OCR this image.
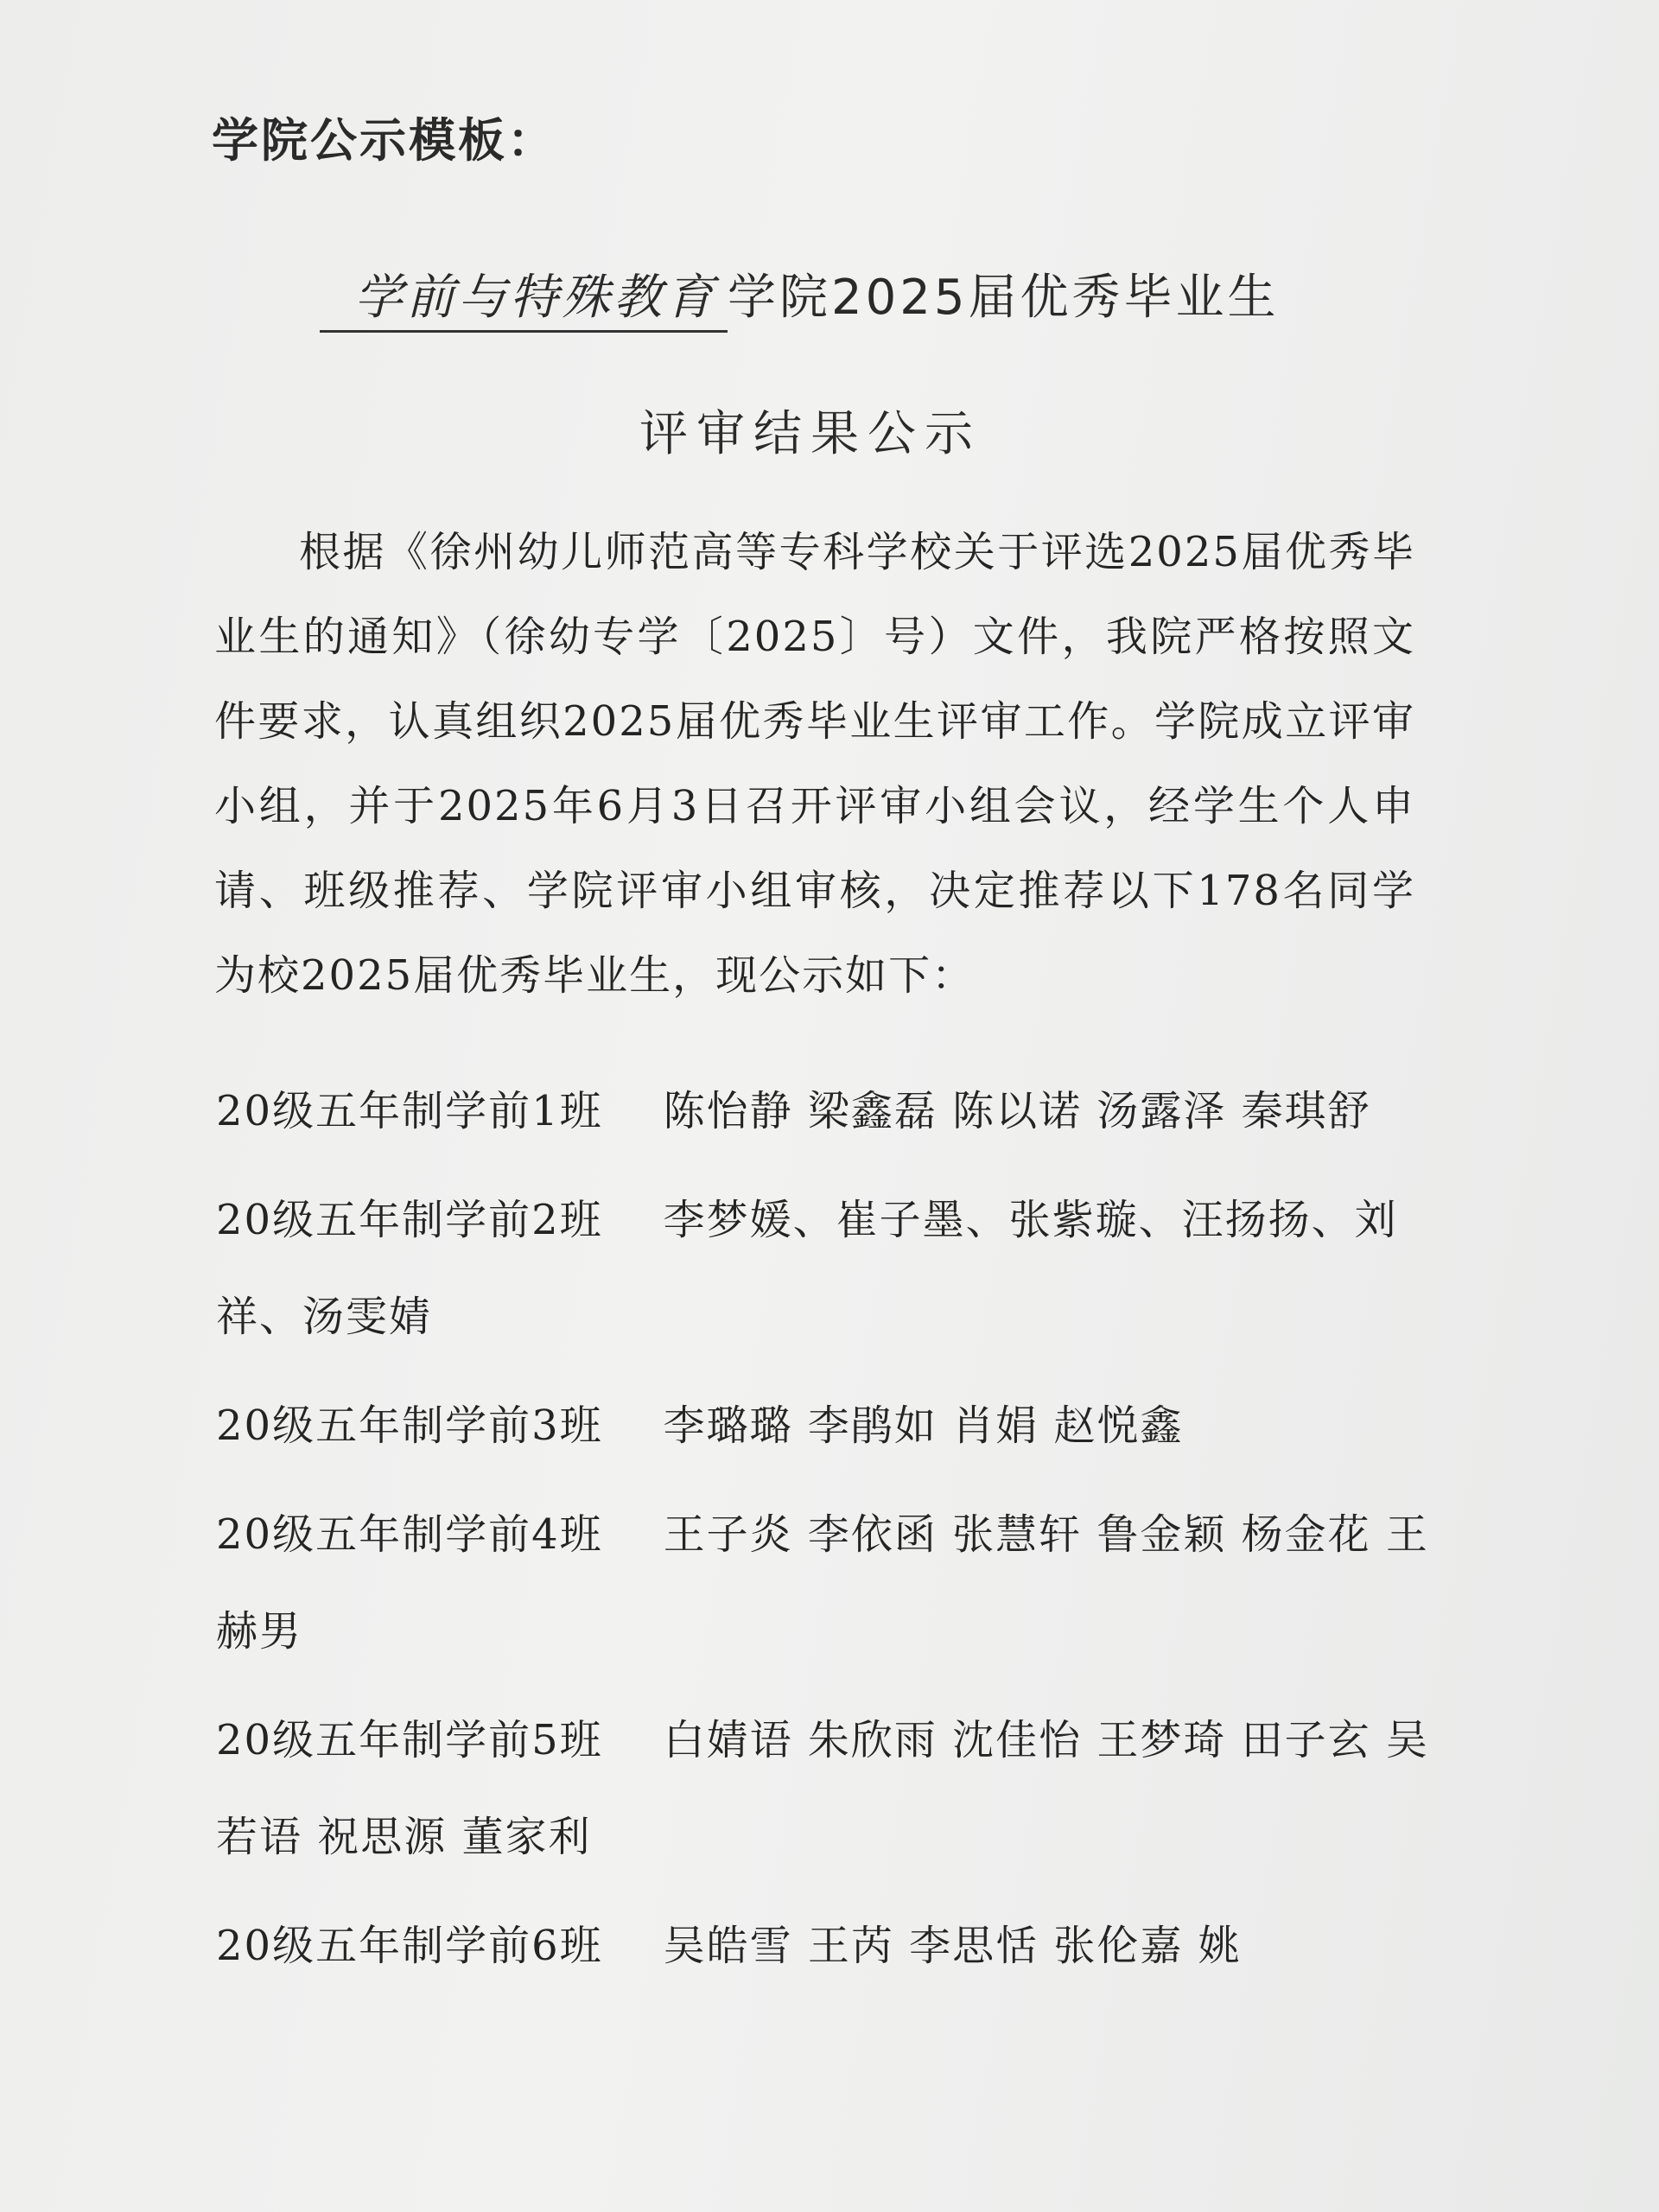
学院公示模板：
学前与特殊教育 学院2025届优秀毕业生
评审结果公示

根据《徐州幼儿师范高等专科学校关于评选2025届优秀毕业生的通知》（徐幼专学〔2025〕号）文件，我院严格按照文件要求，认真组织2025届优秀毕业生评审工作。学院成立评审小组，并于2025年6月3日召开评审小组会议，经学生个人申请、班级推荐、学院评审小组审核，决定推荐以下178名同学为校2025届优秀毕业生，现公示如下：

20级五年制学前1班 陈怡静 梁鑫磊 陈以诺 汤露泽 秦琪舒
20级五年制学前2班 李梦媛、崔子墨、张紫璇、汪扬扬、刘祥、汤雯婧
20级五年制学前3班 李璐璐 李鹃如 肖娟 赵悦鑫
20级五年制学前4班 王子炎 李依函 张慧轩 鲁金颖 杨金花 王赫男
20级五年制学前5班 白婧语 朱欣雨 沈佳怡 王梦琦 田子玄 吴若语 祝思源 董家利
20级五年制学前6班 吴皓雪 王芮 李思恬 张伦嘉 姚
